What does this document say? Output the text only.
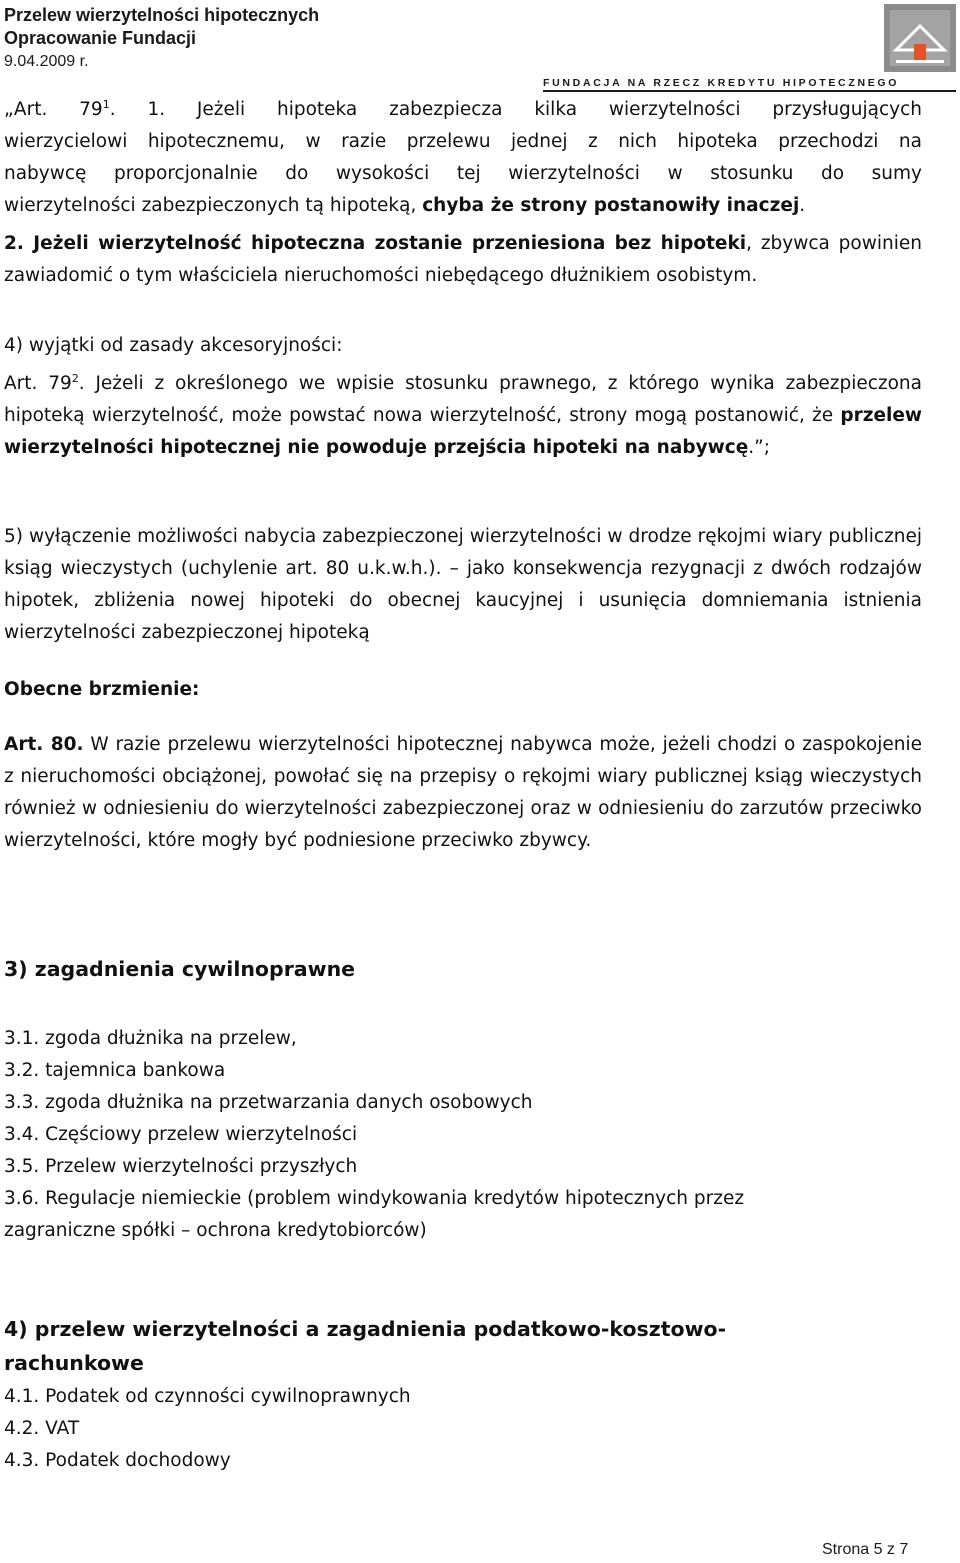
Przelew wierzytelności hipotecznych
Opracowanie Fundacji
9.04.2009 r.
FUNDACJA NA RZECZ KREDYTU HIPOTECZNEGO
„Art. $79^1$. 1. Jeżeli hipoteka zabezpiecza kilka wierzytelności przysługujących
wierzycielowi hipotecznemu, w razie przelewu jednej z nich hipoteka przechodzi na
nabywcę proporcjonalnie do wysokości tej wierzytelności w stosunku do sumy
wierzytelności zabezpieczonych tą hipoteką, chyba że strony postanowiły inaczej.
2. Jeżeli wierzytelność hipoteczna zostanie przeniesiona bez hipoteki, zbywca powinien zawiadomić o tym właściciela nieruchomości niebędącego dłużnikiem osobistym.
4) wyjątki od zasady akcesoryjności:
Art. $79^2$. Jeżeli z określonego we wpisie stosunku prawnego, z którego wynika zabezpieczona hipoteką wierzytelność, może powstać nowa wierzytelność, strony mogą postanowić, że przelew wierzytelności hipotecznej nie powoduje przejścia hipoteki na nabywcę.”;
5) wyłączenie możliwości nabycia zabezpieczonej wierzytelności w drodze rękojmi wiary publicznej ksiąg wieczystych (uchylenie art. 80 u.k.w.h.). – jako konsekwencja rezygnacji z dwóch rodzajów hipotek, zbliżenia nowej hipoteki do obecnej kaucyjnej i usunięcia domniemania istnienia wierzytelności zabezpieczonej hipoteką
Obecne brzmienie:
Art. 80. W razie przelewu wierzytelności hipotecznej nabywca może, jeżeli chodzi o zaspokojenie z nieruchomości obciążonej, powołać się na przepisy o rękojmi wiary publicznej ksiąg wieczystych również w odniesieniu do wierzytelności zabezpieczonej oraz w odniesieniu do zarzutów przeciwko wierzytelności, które mogły być podniesione przeciwko zbywcy.
3) zagadnienia cywilnoprawne
3.1. zgoda dłużnika na przelew,
3.2. tajemnica bankowa
3.3. zgoda dłużnika na przetwarzania danych osobowych
3.4. Częściowy przelew wierzytelności
3.5. Przelew wierzytelności przyszłych
3.6. Regulacje niemieckie (problem windykowania kredytów hipotecznych przez
zagraniczne spółki – ochrona kredytobiorców)
4) przelew wierzytelności a zagadnienia podatkowo-kosztowo-
rachunkowe
4.1. Podatek od czynności cywilnoprawnych
4.2. VAT
4.3. Podatek dochodowy
Strona 5 z 7
